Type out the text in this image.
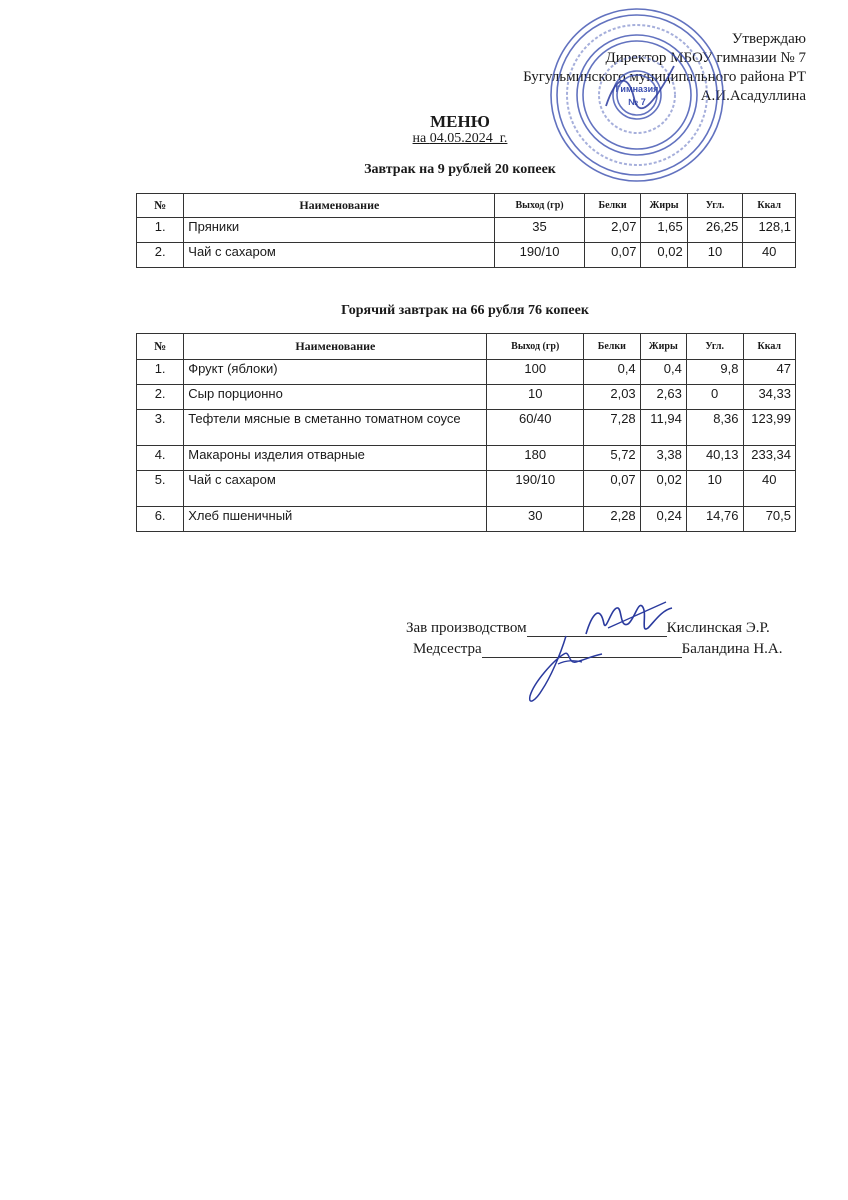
Утверждаю
Директор МБОУ гимназии № 7
Бугульминского муниципального района РТ
А.И.Асадуллина
Гимназия
№ 7
МЕНЮ
на 04.05.2024_г.
Завтрак на 9 рублей 20 копеек
№	Наименование	Выход (гр)	Белки	Жиры	Угл.	Ккал
1.	Пряники	35	2,07	1,65	26,25	128,1
2.	Чай с сахаром	190/10	0,07	0,02	10	40
Горячий завтрак на 66 рубля 76 копеек
№	Наименование	Выход (гр)	Белки	Жиры	Угл.	Ккал
1.	Фрукт (яблоки)	100	0,4	0,4	9,8	47
2.	Сыр порционно	10	2,03	2,63	0	34,33
3.	Тефтели мясные в сметанно томатном соусе	60/40	7,28	11,94	8,36	123,99
4.	Макароны изделия отварные	180	5,72	3,38	40,13	233,34
5.	Чай с сахаром	190/10	0,07	0,02	10	40
6.	Хлеб пшеничный	30	2,28	0,24	14,76	70,5
Зав производством	Кислинская Э.Р.
Медсестра	Баландина Н.А.
